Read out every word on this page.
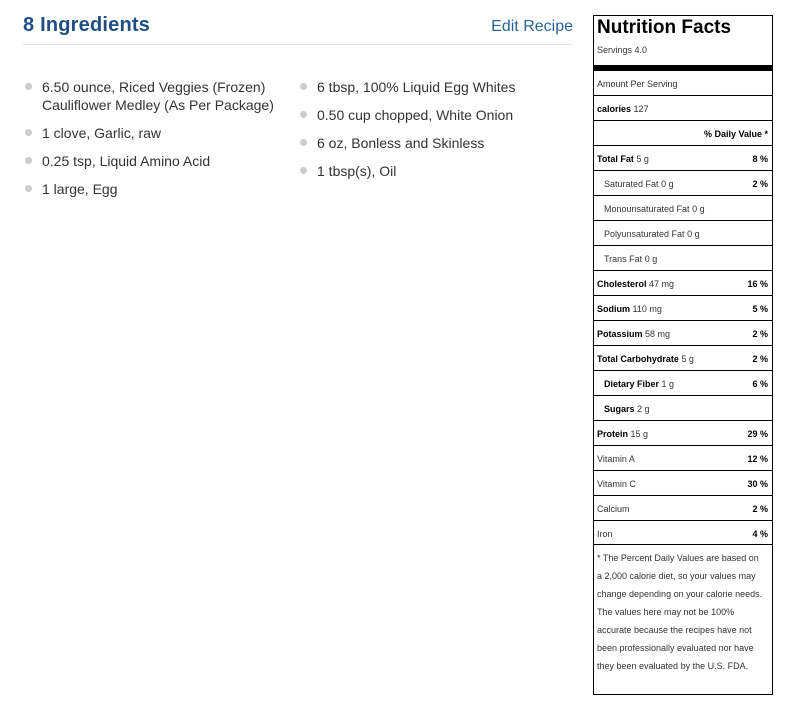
8 Ingredients	Edit Recipe
6.50 ounce, Riced Veggies (Frozen) Cauliflower Medley (As Per Package)
1 clove, Garlic, raw
0.25 tsp, Liquid Amino Acid
1 large, Egg
6 tbsp, 100% Liquid Egg Whites
0.50 cup chopped, White Onion
6 oz, Bonless and Skinless
1 tbsp(s), Oil
Nutrition Facts
Servings 4.0
Amount Per Serving
calories 127
% Daily Value *
Total Fat 5 g	8 %
Saturated Fat 0 g	2 %
Monounsaturated Fat 0 g
Polyunsaturated Fat 0 g
Trans Fat 0 g
Cholesterol 47 mg	16 %
Sodium 110 mg	5 %
Potassium 58 mg	2 %
Total Carbohydrate 5 g	2 %
Dietary Fiber 1 g	6 %
Sugars 2 g
Protein 15 g	29 %
Vitamin A	12 %
Vitamin C	30 %
Calcium	2 %
Iron	4 %
* The Percent Daily Values are based on a 2,000 calorie diet, so your values may change depending on your calorie needs. The values here may not be 100% accurate because the recipes have not been professionally evaluated nor have they been evaluated by the U.S. FDA.
